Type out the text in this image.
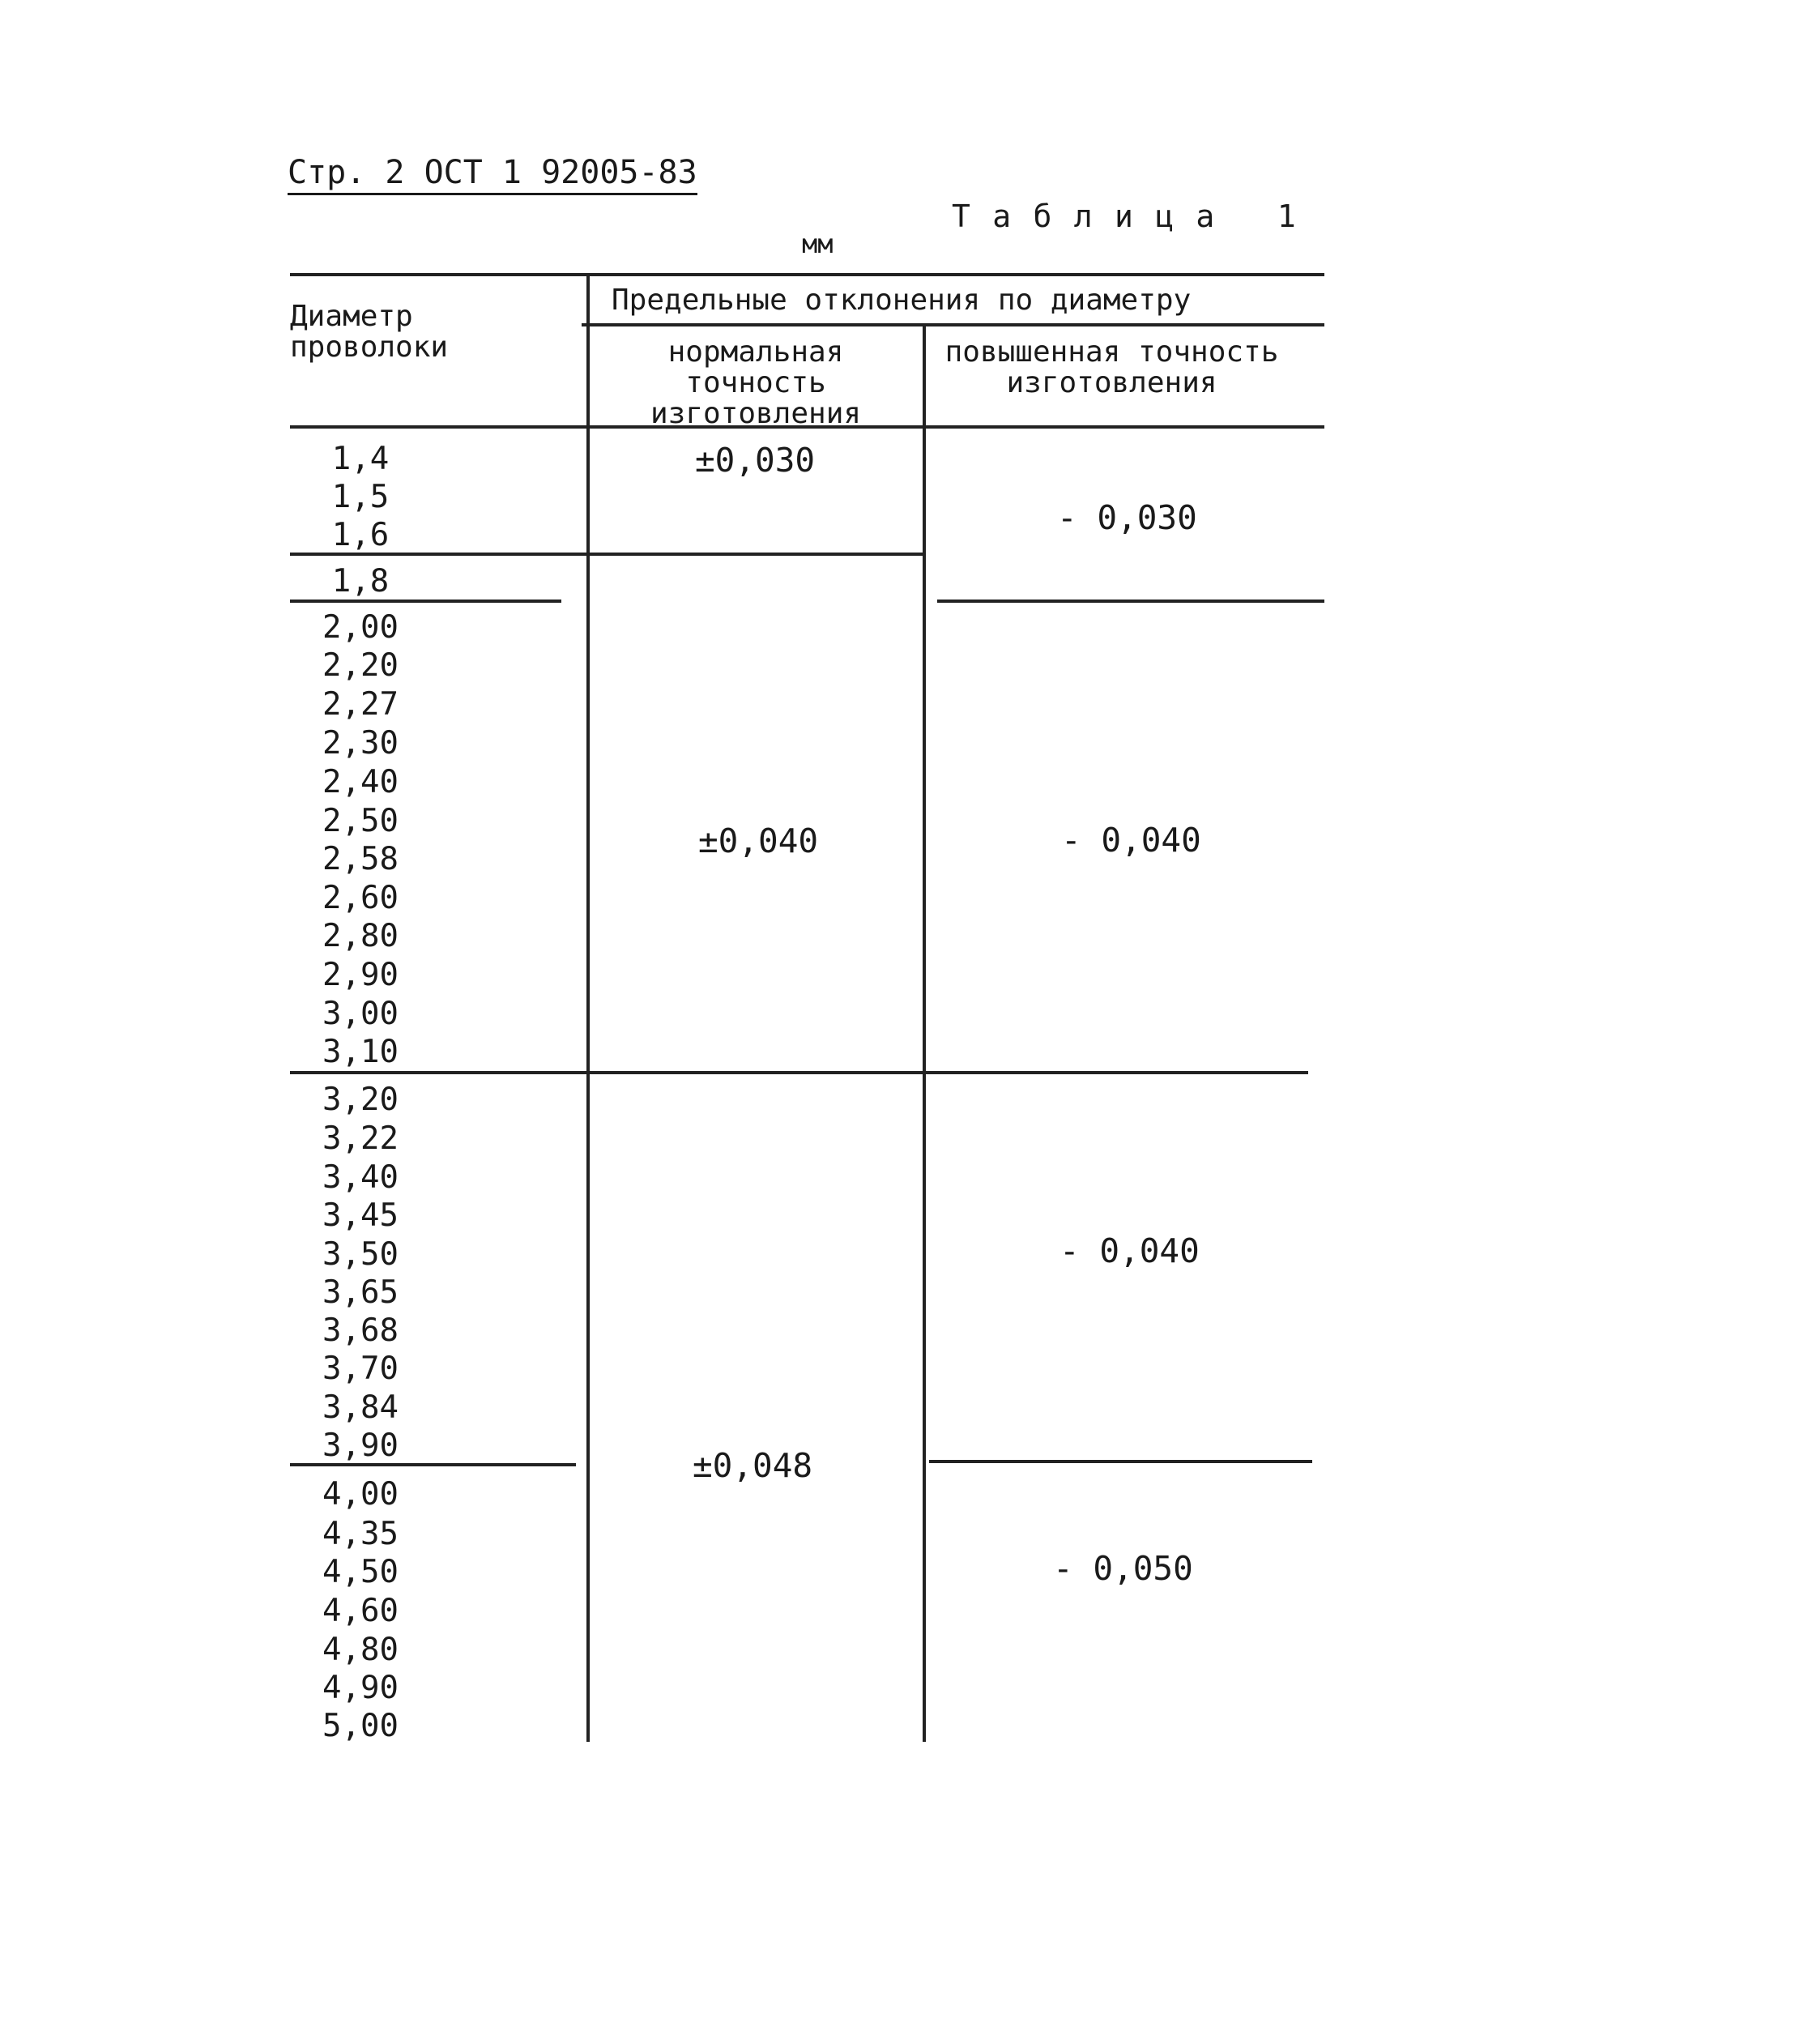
Стр. 2 ОСТ 1 92005-83
Таблица 1
мм
Диаметр проволоки
Предельные отклонения по диаметру
нормальная точность изготовления
повышенная точность изготовления
1,4
1,5
1,6
1,8
2,00
2,20
2,27
2,30
2,40
2,50
2,58
2,60
2,80
2,90
3,00
3,10
3,20
3,22
3,40
3,45
3,50
3,65
3,68
3,70
3,84
3,90
4,00
4,35
4,50
4,60
4,80
4,90
5,00
±0,030
±0,040
±0,048
- 0,030
- 0,040
- 0,040
- 0,050
